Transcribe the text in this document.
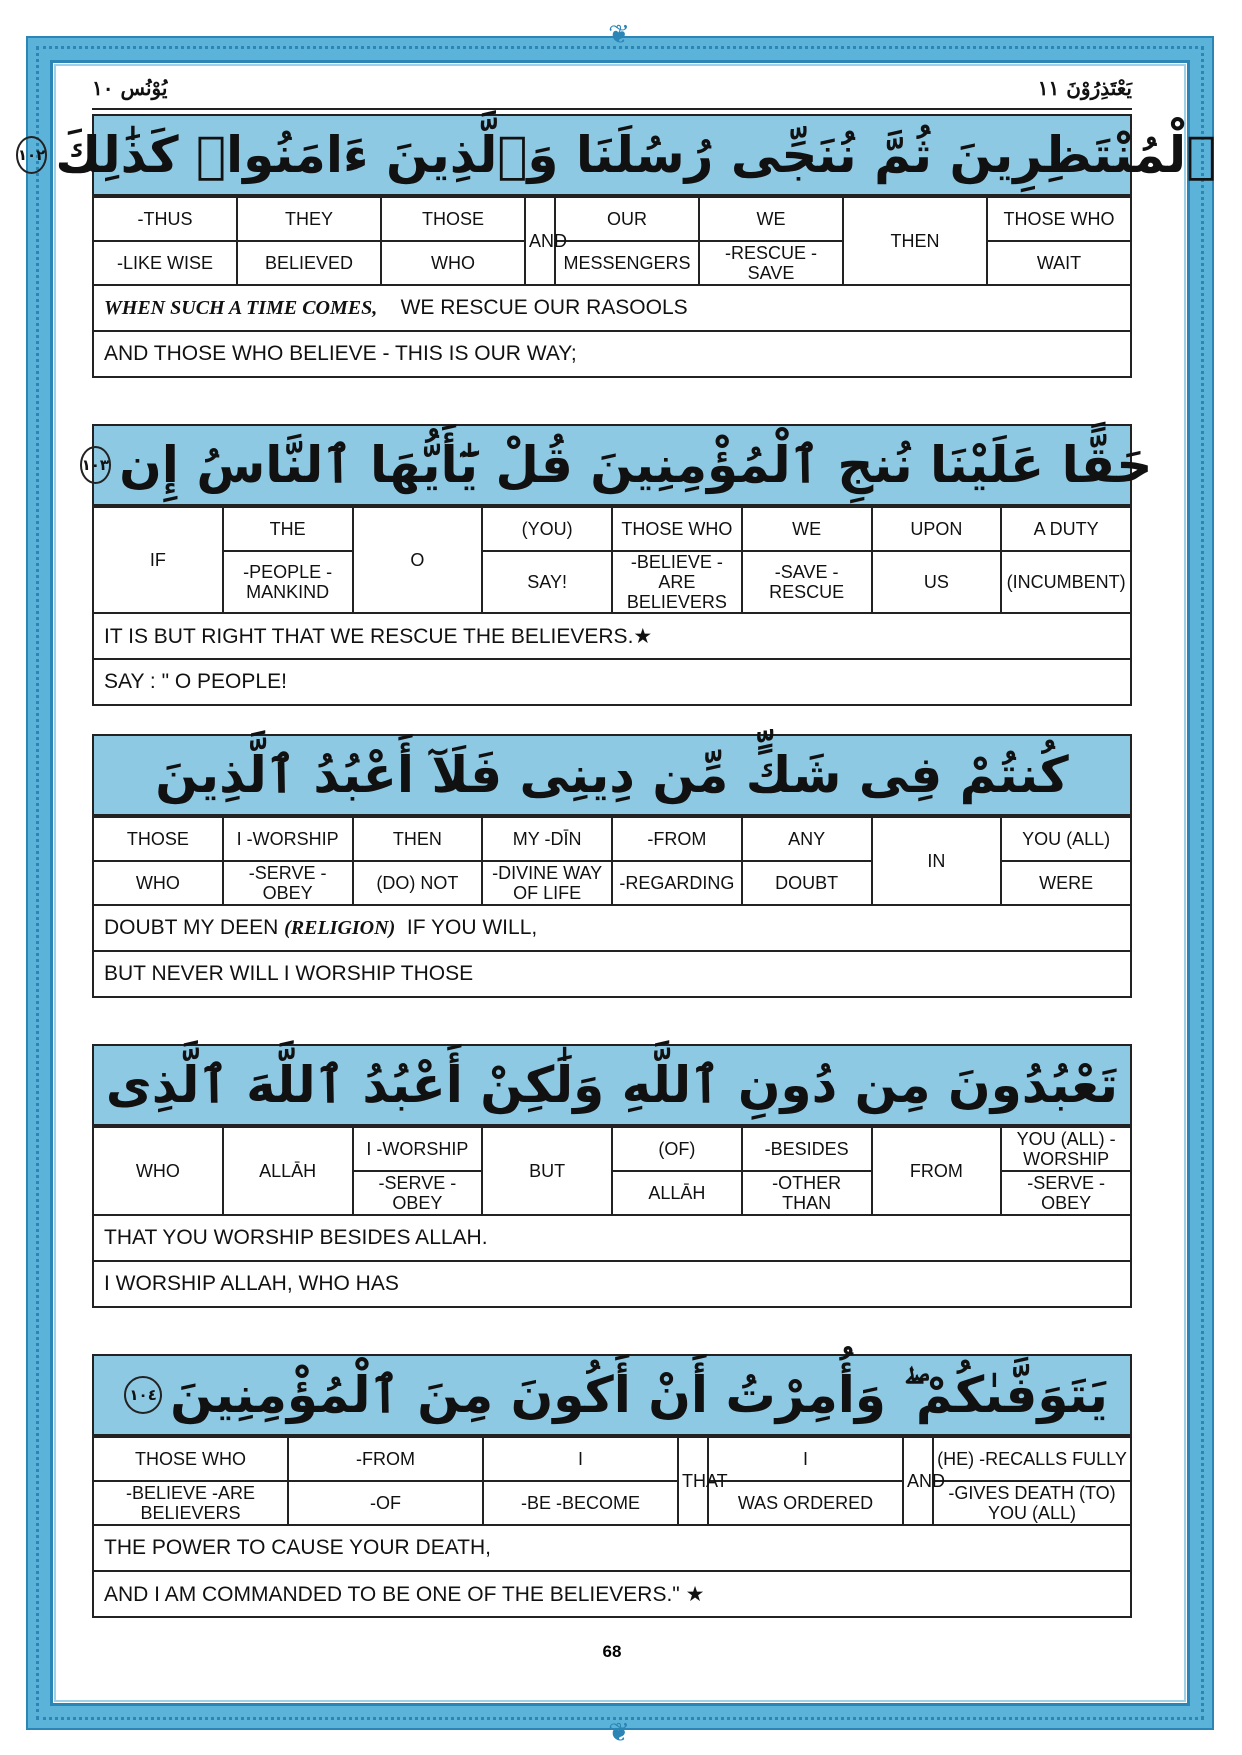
❦
❦
يَعْتَذِرُوْنَ ١١
يُوْنُس ١٠
ٱلْمُنْتَظِرِينَ ثُمَّ نُنَجِّى رُسُلَنَا وَٱلَّذِينَ ءَامَنُوا۟ كَذَٰلِكَ
١٠٢
-THUS	THEY	THOSE	AND	OUR	WE	THEN	THOSE WHO
-LIKE WISE	BELIEVED	WHO		MESSENGERS	-RESCUE -SAVE		WAIT
WHEN SUCH A TIME COMES,
WE RESCUE OUR RASOOLS
AND THOSE WHO BELIEVE - THIS IS OUR WAY;
حَقًّا عَلَيْنَا نُنجِ ٱلْمُؤْمِنِينَ قُلْ يَٰٓأَيُّهَا ٱلنَّاسُ إِن
١٠٣
IF	THE	O	(YOU)	THOSE WHO	WE	UPON	A DUTY
	-PEOPLE -MANKIND		SAY!	-BELIEVE -ARE BELIEVERS	-SAVE -RESCUE	US	(INCUMBENT)
IT IS BUT RIGHT THAT WE RESCUE THE BELIEVERS.★
SAY : " O PEOPLE!
كُنتُمْ فِى شَكٍّ مِّن دِينِى فَلَآ أَعْبُدُ ٱلَّذِينَ
THOSE	I -WORSHIP	THEN	MY -DĪN	-FROM	ANY	IN	YOU (ALL)
WHO	-SERVE -OBEY	(DO) NOT	-DIVINE WAY OF LIFE	-REGARDING	DOUBT		WERE
DOUBT MY DEEN
(RELIGION)
IF YOU WILL,
BUT NEVER WILL I WORSHIP THOSE
تَعْبُدُونَ مِن دُونِ ٱللَّهِ وَلَٰكِنْ أَعْبُدُ ٱللَّهَ ٱلَّذِى
WHO	ALLĀH	I -WORSHIP	BUT	(OF)	-BESIDES	FROM	YOU (ALL) -WORSHIP
		-SERVE -OBEY		ALLĀH	-OTHER THAN		-SERVE -OBEY
THAT YOU WORSHIP BESIDES ALLAH.
I WORSHIP ALLAH, WHO HAS
يَتَوَفَّىٰكُمْ ۖ وَأُمِرْتُ أَنْ أَكُونَ مِنَ ٱلْمُؤْمِنِينَ
١٠٤
THOSE WHO	-FROM	I	THAT	I	AND	(HE) -RECALLS FULLY
-BELIEVE -ARE BELIEVERS	-OF	-BE -BECOME		WAS ORDERED		-GIVES DEATH (TO) YOU (ALL)
THE POWER TO CAUSE YOUR DEATH,
AND I AM COMMANDED TO BE ONE OF THE BELIEVERS." ★
68
